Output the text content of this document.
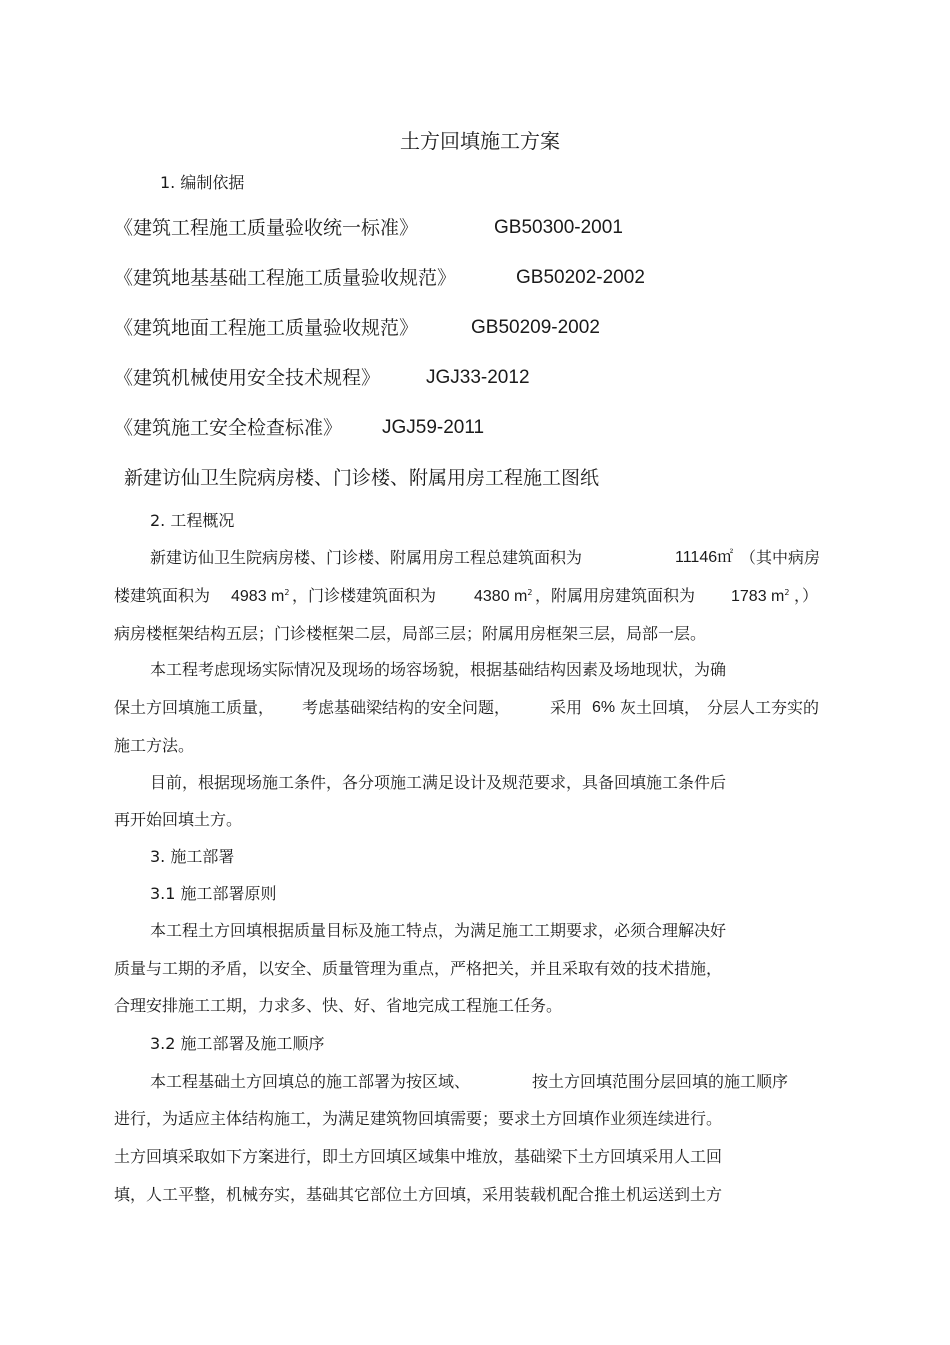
土方回填施工方案
1. 编制依据
《建筑工程施工质量验收统一标准》	GB50300-2001
《建筑地基基础工程施工质量验收规范》	GB50202-2002
《建筑地面工程施工质量验收规范》	GB50209-2002
《建筑机械使用安全技术规程》 JGJ33-2012
《建筑施工安全检查标准》 JGJ59-2011
新建访仙卫生院病房楼、门诊楼、附属用房工程施工图纸
2. 工程概况
新建访仙卫生院病房楼、门诊楼、附属用房工程总建筑面积为	11146㎡ （其中病房
楼建筑面积为 4983 $m^2$ ，门诊楼建筑面积为 4380 $m^2$ ，附属用房建筑面积为 1783 $m^2$ ，）
病房楼框架结构五层；门诊楼框架二层，局部三层；附属用房框架三层，局部一层。
本工程考虑现场实际情况及现场的场容场貌，根据基础结构因素及场地现状，为确
保土方回填施工质量， 考虑基础梁结构的安全问题， 采用 6% 灰土回填， 分层人工夯实的
施工方法。
目前，根据现场施工条件，各分项施工满足设计及规范要求，具备回填施工条件后
再开始回填土方。
3. 施工部署
3.1 施工部署原则
本工程土方回填根据质量目标及施工特点，为满足施工工期要求，必须合理解决好
质量与工期的矛盾，以安全、质量管理为重点，严格把关，并且采取有效的技术措施，
合理安排施工工期，力求多、快、好、省地完成工程施工任务。
3.2 施工部署及施工顺序
本工程基础土方回填总的施工部署为按区域、	按土方回填范围分层回填的施工顺序
进行，为适应主体结构施工，为满足建筑物回填需要；要求土方回填作业须连续进行。
土方回填采取如下方案进行，即土方回填区域集中堆放，基础梁下土方回填采用人工回
填，人工平整，机械夯实，基础其它部位土方回填，采用装载机配合推土机运送到土方
